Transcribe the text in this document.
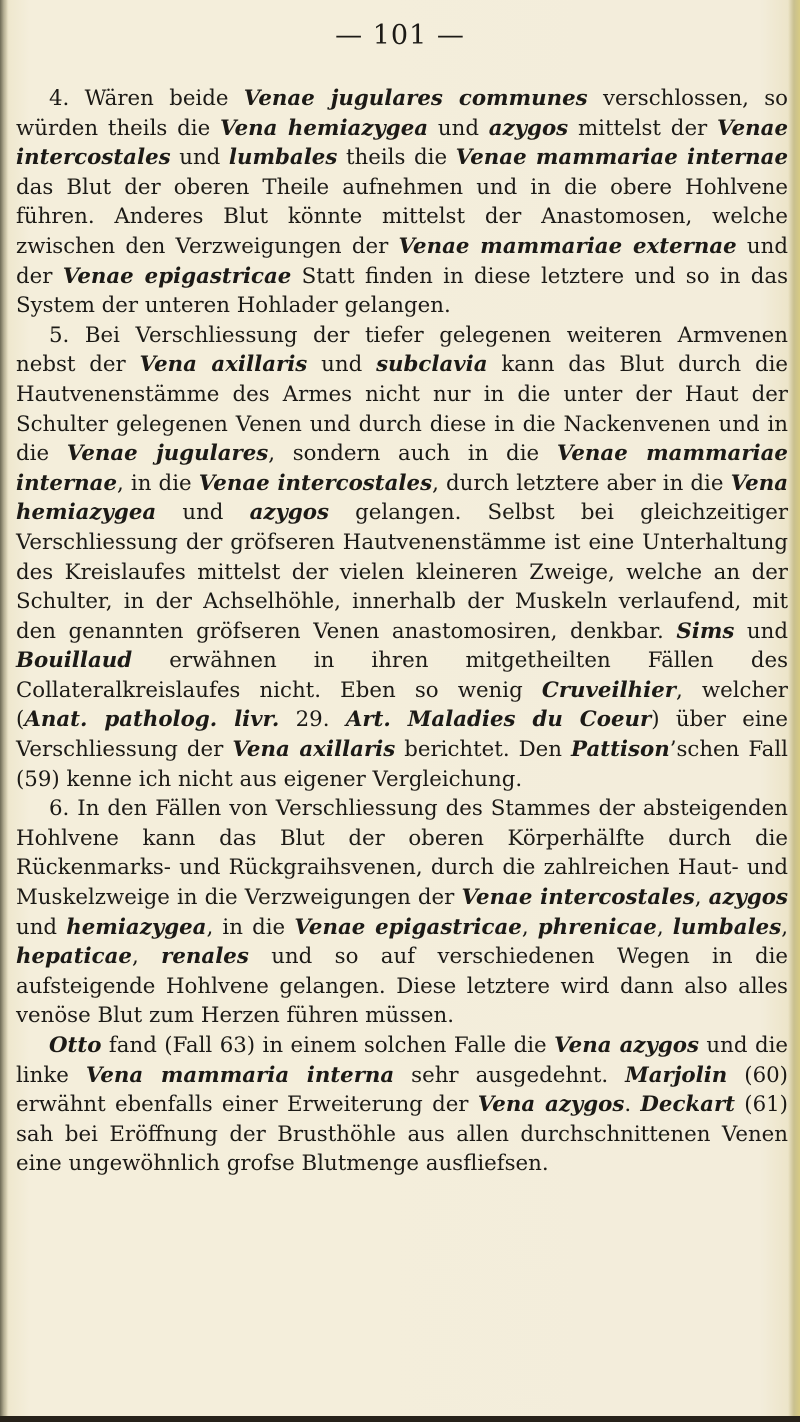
— 101 —

4. Wären beide Venae jugulares communes verschlossen, so würden theils die Vena hemiazygea und azygos mittelst der Venae intercostales und lumbales theils die Venae mammariae internae das Blut der oberen Theile aufnehmen und in die obere Hohlvene führen. Anderes Blut könnte mittelst der Anastomosen, welche zwischen den Verzweigungen der Venae mammariae externae und der Venae epigastricae Statt finden in diese letztere und so in das System der unteren Hohlader gelangen.

5. Bei Verschliessung der tiefer gelegenen weiteren Armvenen nebst der Vena axillaris und subclavia kann das Blut durch die Hautvenenstämme des Armes nicht nur in die unter der Haut der Schulter gelegenen Venen und durch diese in die Nackenvenen und in die Venae jugulares, sondern auch in die Venae mammariae internae, in die Venae intercostales, durch letztere aber in die Vena hemiazygea und azygos gelangen. Selbst bei gleichzeitiger Verschliessung der gröfseren Hautvenenstämme ist eine Unterhaltung des Kreislaufes mittelst der vielen kleineren Zweige, welche an der Schulter, in der Achselhöhle, innerhalb der Muskeln verlaufend, mit den genannten gröfseren Venen anastomosiren, denkbar. Sims und Bouillaud erwähnen in ihren mitgetheilten Fällen des Collateralkreislaufes nicht. Eben so wenig Cruveilhier, welcher (Anat. patholog. livr. 29. Art. Maladies du Coeur) über eine Verschliessung der Vena axillaris berichtet. Den Pattison’schen Fall (59) kenne ich nicht aus eigener Vergleichung.

6. In den Fällen von Verschliessung des Stammes der absteigenden Hohlvene kann das Blut der oberen Körperhälfte durch die Rückenmarks- und Rückgraihsvenen, durch die zahlreichen Haut- und Muskelzweige in die Verzweigungen der Venae intercostales, azygos und hemiazygea, in die Venae epigastricae, phrenicae, lumbales, hepaticae, renales und so auf verschiedenen Wegen in die aufsteigende Hohlvene gelangen. Diese letztere wird dann also alles venöse Blut zum Herzen führen müssen.

Otto fand (Fall 63) in einem solchen Falle die Vena azygos und die linke Vena mammaria interna sehr ausgedehnt. Marjolin (60) erwähnt ebenfalls einer Erweiterung der Vena azygos. Deckart (61) sah bei Eröffnung der Brusthöhle aus allen durchschnittenen Venen eine ungewöhnlich grofse Blutmenge ausfliefsen.
